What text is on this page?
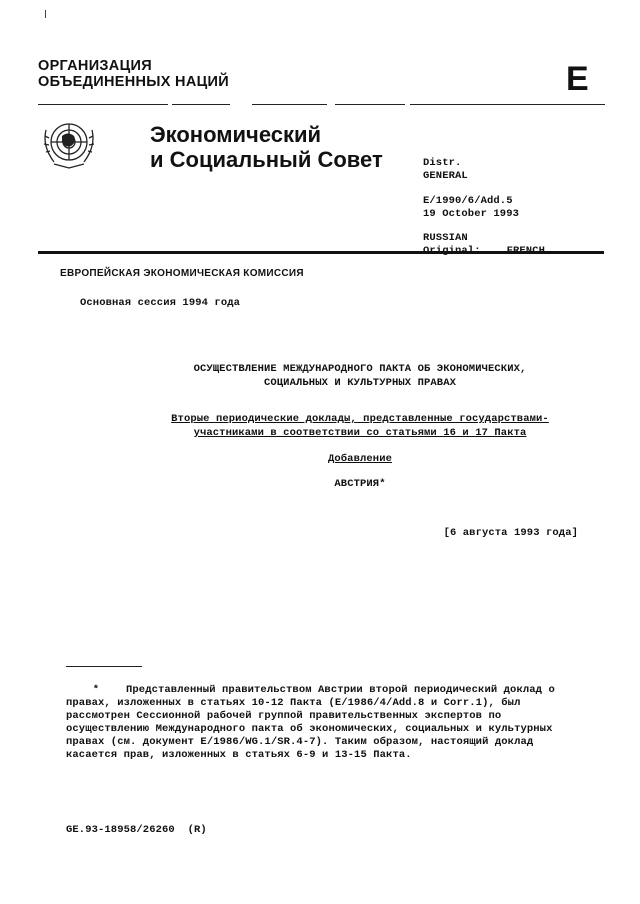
ОРГАНИЗАЦИЯ
ОБЪЕДИНЕННЫХ НАЦИЙ	E
Экономический
и Социальный Совет	Distr.
GENERAL
E/1990/6/Add.5
19 October 1993
RUSSIAN
ЕВРОПЕЙСКАЯ ЭКОНОМИЧЕСКАЯ КОМИССИЯ
Основная сессия 1994 года
ОСУЩЕСТВЛЕНИЕ МЕЖДУНАРОДНОГО ПАКТА ОБ ЭКОНОМИЧЕСКИХ,
СОЦИАЛЬНЫХ И КУЛЬТУРНЫХ ПРАВАХ
Вторые периодические доклады, представленные государствами-
участниками в соответствии со статьями 16 и 17 Пакта
Добавление
АВСТРИЯ*
[6 августа 1993 года]

*	Представленный правительством Австрии второй периодический доклад о правах, изложенных в статьях 10-12 Пакта (E/1986/4/Add.8 и Corr.1), был рассмотрен Сессионной рабочей группой правительственных экспертов по осуществлению Международного пакта об экономических, социальных и культурных правах (см. документ E/1986/WG.1/SR.4-7). Таким образом, настоящий доклад касается прав, изложенных в статьях 6-9 и 13-15 Пакта.

GE.93-18958/26260  (R)
